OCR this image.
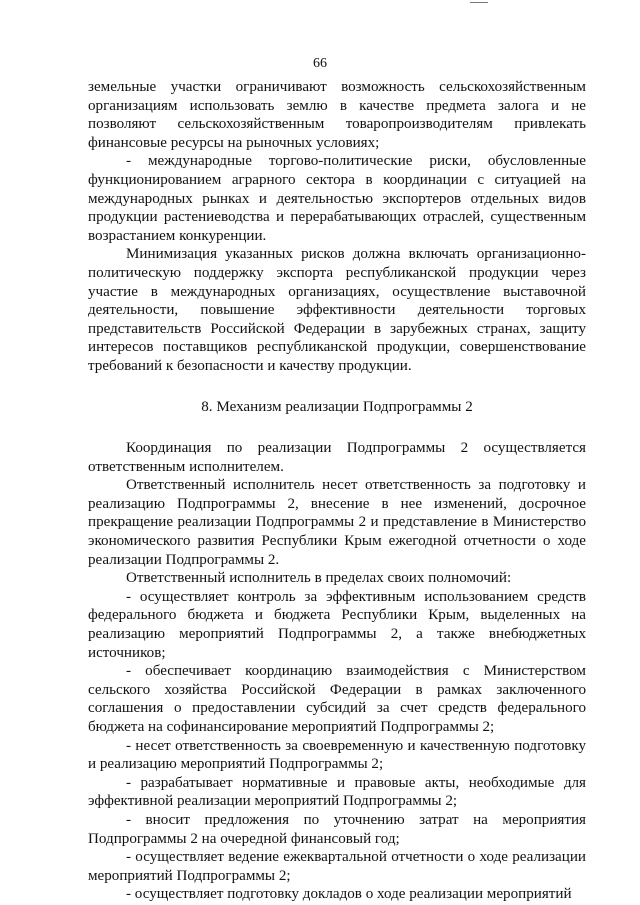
66

земельные участки ограничивают возможность сельскохозяйственным организациям использовать землю в качестве предмета залога и не позволяют сельскохозяйственным товаропроизводителям привлекать финансовые ресурсы на рыночных условиях;

- международные торгово-политические риски, обусловленные функционированием аграрного сектора в координации с ситуацией на международных рынках и деятельностью экспортеров отдельных видов продукции растениеводства и перерабатывающих отраслей, существенным возрастанием конкуренции.

Минимизация указанных рисков должна включать организационно-политическую поддержку экспорта республиканской продукции через участие в международных организациях, осуществление выставочной деятельности, повышение эффективности деятельности торговых представительств Российской Федерации в зарубежных странах, защиту интересов поставщиков республиканской продукции, совершенствование требований к безопасности и качеству продукции.

8. Механизм реализации Подпрограммы 2

Координация по реализации Подпрограммы 2 осуществляется ответственным исполнителем.

Ответственный исполнитель несет ответственность за подготовку и реализацию Подпрограммы 2, внесение в нее изменений, досрочное прекращение реализации Подпрограммы 2 и представление в Министерство экономического развития Республики Крым ежегодной отчетности о ходе реализации Подпрограммы 2.

Ответственный исполнитель в пределах своих полномочий:

- осуществляет контроль за эффективным использованием средств федерального бюджета и бюджета Республики Крым, выделенных на реализацию мероприятий Подпрограммы 2, а также внебюджетных источников;

- обеспечивает координацию взаимодействия с Министерством сельского хозяйства Российской Федерации в рамках заключенного соглашения о предоставлении субсидий за счет средств федерального бюджета на софинансирование мероприятий Подпрограммы 2;

- несет ответственность за своевременную и качественную подготовку и реализацию мероприятий Подпрограммы 2;

- разрабатывает нормативные и правовые акты, необходимые для эффективной реализации мероприятий Подпрограммы 2;

- вносит предложения по уточнению затрат на мероприятия Подпрограммы 2 на очередной финансовый год;

- осуществляет ведение ежеквартальной отчетности о ходе реализации мероприятий Подпрограммы 2;

- осуществляет подготовку докладов о ходе реализации мероприятий
